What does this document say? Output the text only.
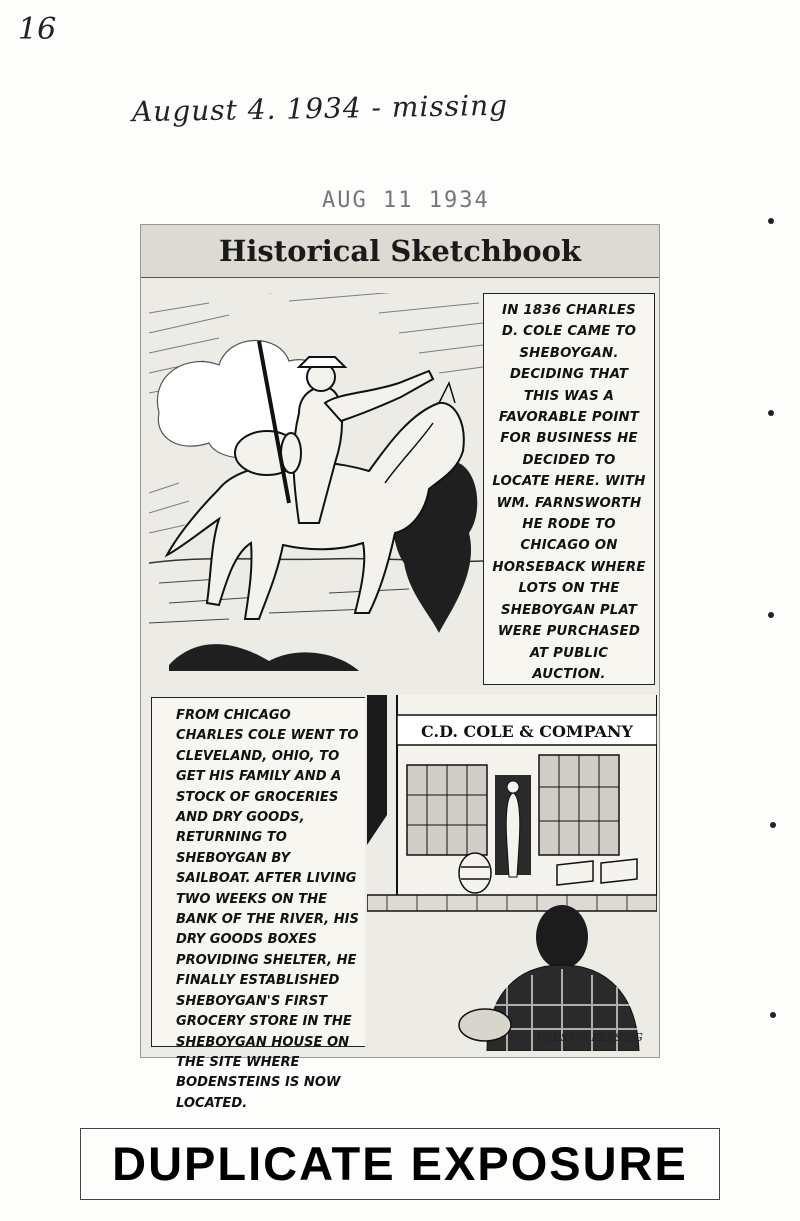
16
August 4. 1934 - missing
AUG 11 1934
Historical Sketchbook
IN 1836 CHARLES D. COLE CAME TO SHEBOYGAN. DECIDING THAT THIS WAS A FAVORABLE POINT FOR BUSINESS HE DECIDED TO LOCATE HERE. WITH WM. FARNSWORTH HE RODE TO CHICAGO ON HORSEBACK WHERE LOTS ON THE SHEBOYGAN PLAT WERE PURCHASED AT PUBLIC AUCTION.
C.D. COLE & COMPANY
FROM CHICAGO CHARLES COLE WENT TO CLEVELAND, OHIO, TO GET HIS FAMILY AND A STOCK OF GROCERIES AND DRY GOODS, RETURNING TO SHEBOYGAN BY SAILBOAT. AFTER LIVING TWO WEEKS ON THE BANK OF THE RIVER, HIS DRY GOODS BOXES PROVIDING SHELTER, HE FINALLY ESTABLISHED SHEBOYGAN'S FIRST GROCERY STORE IN THE SHEBOYGAN HOUSE ON THE SITE WHERE BODENSTEINS IS NOW LOCATED.
PRESS-C.KLESSIG
DUPLICATE EXPOSURE
